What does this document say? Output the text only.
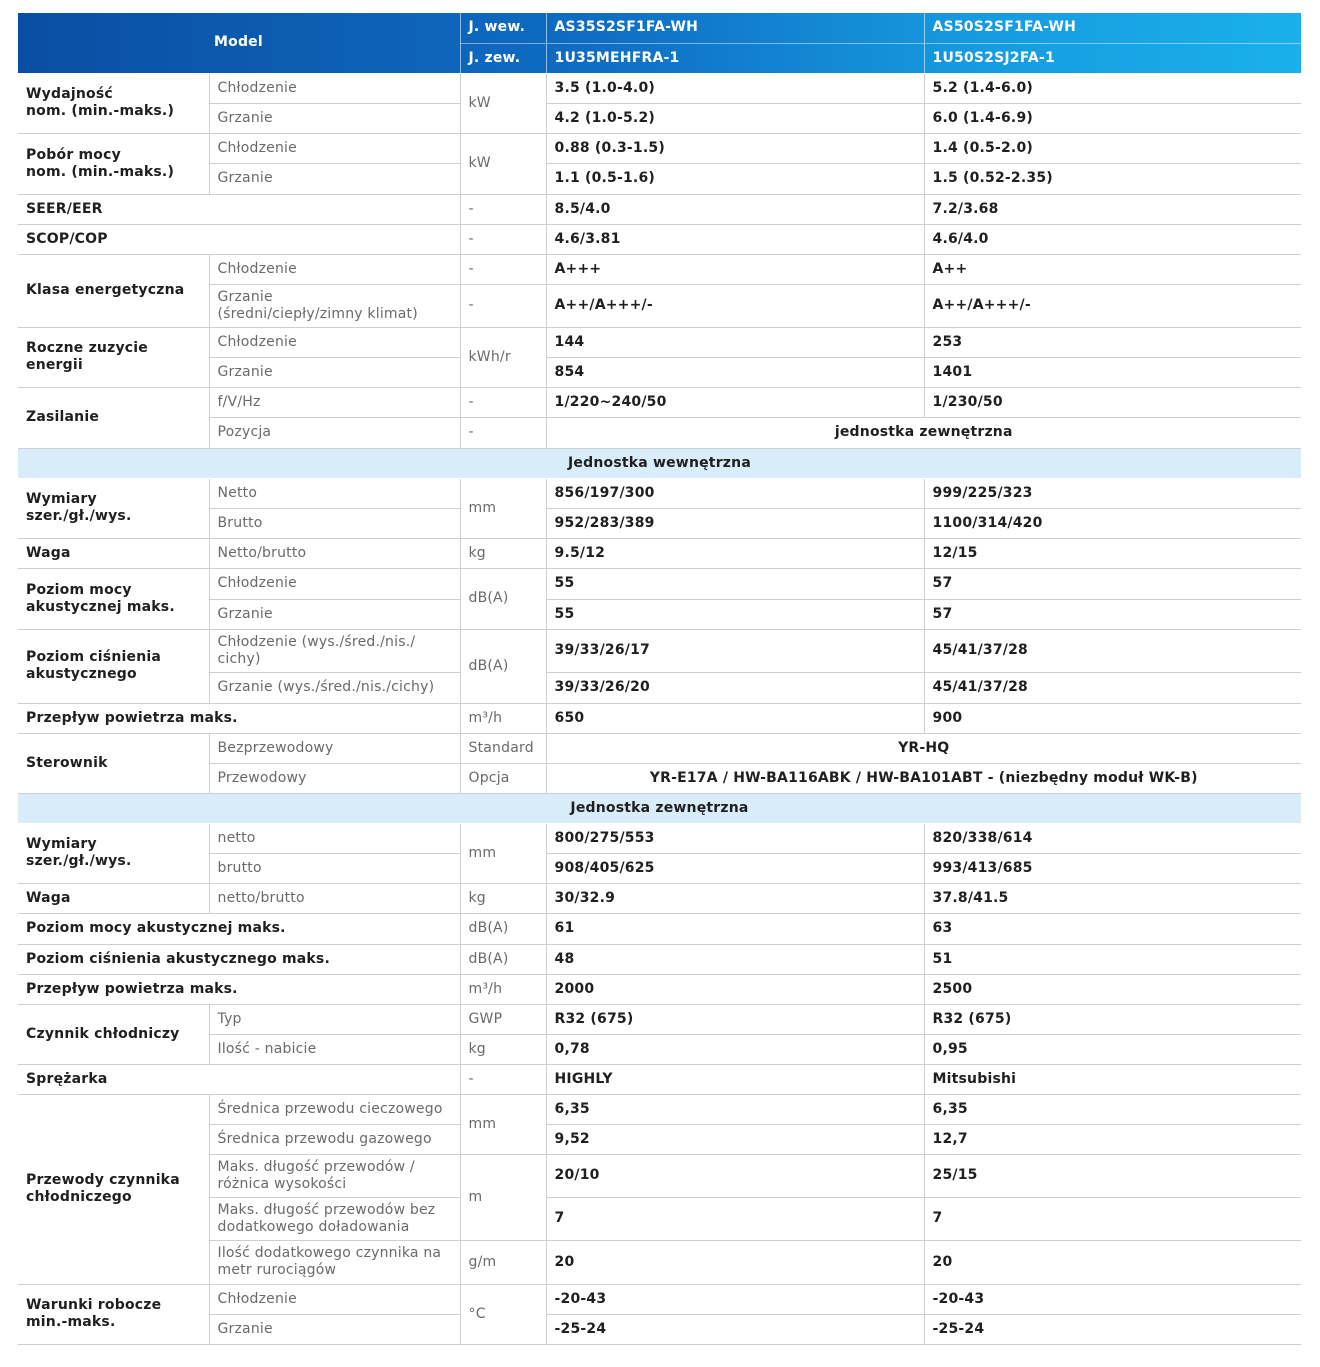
Model		J. wew.	AS35S2SF1FA-WH	AS50S2SF1FA-WH
		J. zew.	1U35MEHFRA-1	1U50S2SJ2FA-1
Wydajność
nom. (min.-maks.)	Chłodzenie	kW	3.5 (1.0-4.0)	5.2 (1.4-6.0)
	Grzanie		4.2 (1.0-5.2)	6.0 (1.4-6.9)
Pobór mocy
nom. (min.-maks.)	Chłodzenie	kW	0.88 (0.3-1.5)	1.4 (0.5-2.0)
	Grzanie		1.1 (0.5-1.6)	1.5 (0.52-2.35)
SEER/EER		-	8.5/4.0	7.2/3.68
SCOP/COP		-	4.6/3.81	4.6/4.0
Klasa energetyczna	Chłodzenie	-	A+++	A++
	Grzanie
(średni/ciepły/zimny klimat)	-	A++/A+++/-	A++/A+++/-
Roczne zuzycie energii	Chłodzenie	kWh/r	144	253
	Grzanie		854	1401
Zasilanie	f/V/Hz	-	1/220~240/50	1/230/50
	Pozycja	-	jednostka zewnętrzna	
Jednostka wewnętrzna				
Wymiary
szer./gł./wys.	Netto	mm	856/197/300	999/225/323
	Brutto		952/283/389	1100/314/420
Waga	Netto/brutto	kg	9.5/12	12/15
Poziom mocy
akustycznej maks.	Chłodzenie	dB(A)	55	57
	Grzanie		55	57
Poziom ciśnienia
akustycznego	Chłodzenie (wys./śred./nis./
cichy)	dB(A)	39/33/26/17	45/41/37/28
	Grzanie (wys./śred./nis./cichy)		39/33/26/20	45/41/37/28
Przepływ powietrza maks.		m³/h	650	900
Sterownik	Bezprzewodowy	Standard	YR-HQ	
	Przewodowy	Opcja	YR-E17A / HW-BA116ABK / HW-BA101ABT - (niezbędny moduł WK-B)	
Jednostka zewnętrzna				
Wymiary
szer./gł./wys.	netto	mm	800/275/553	820/338/614
	brutto		908/405/625	993/413/685
Waga	netto/brutto	kg	30/32.9	37.8/41.5
Poziom mocy akustycznej maks.		dB(A)	61	63
Poziom ciśnienia akustycznego maks.		dB(A)	48	51
Przepływ powietrza maks.		m³/h	2000	2500
Czynnik chłodniczy	Typ	GWP	R32 (675)	R32 (675)
	Ilość - nabicie	kg	0,78	0,95
Sprężarka		-	HIGHLY	Mitsubishi
Przewody czynnika
chłodniczego	Średnica przewodu cieczowego	mm	6,35	6,35
	Średnica przewodu gazowego		9,52	12,7
	Maks. długość przewodów /
różnica wysokości	m	20/10	25/15
	Maks. długość przewodów bez
dodatkowego doładowania		7	7
	Ilość dodatkowego czynnika na
metr rurociągów	g/m	20	20
Warunki robocze
min.-maks.	Chłodzenie	°C	-20-43	-20-43
	Grzanie		-25-24	-25-24
